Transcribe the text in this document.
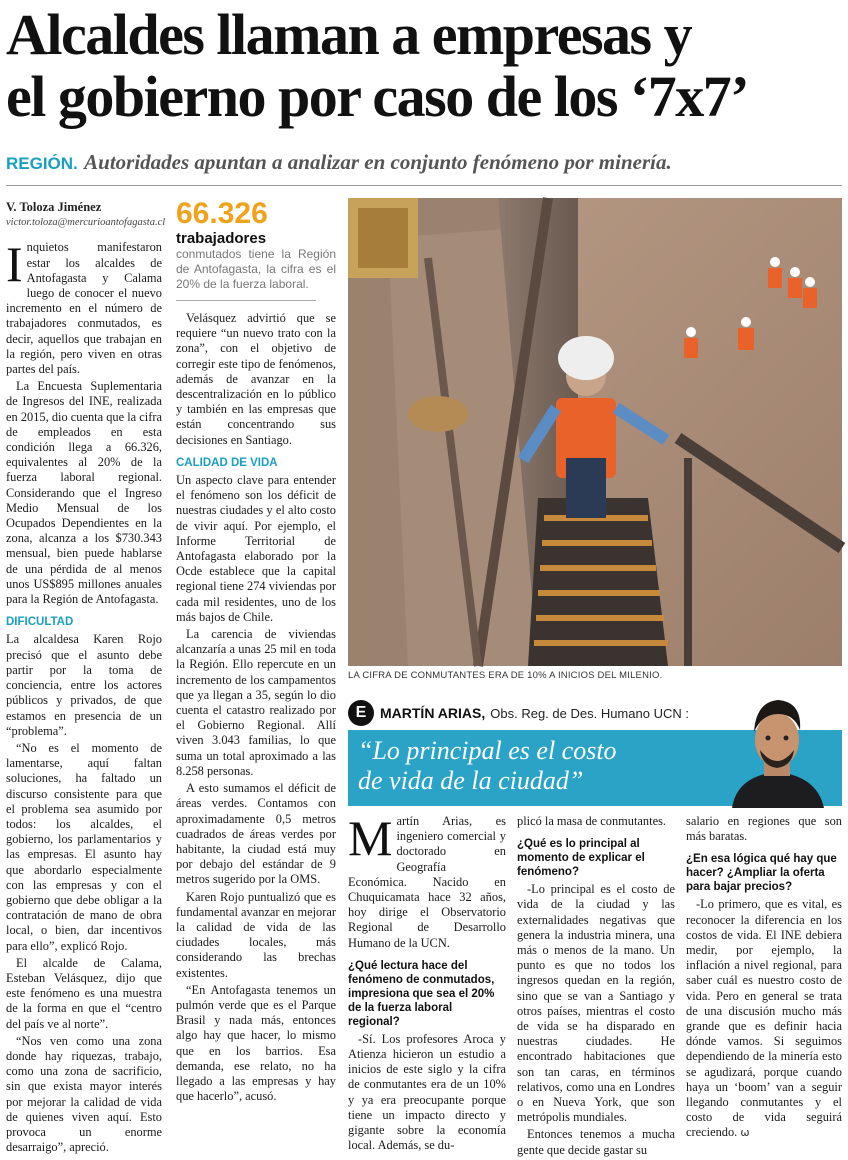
Alcaldes llaman a empresas y
el gobierno por caso de los ‘7x7’
REGIÓN. Autoridades apuntan a analizar en conjunto fenómeno por minería.
V. Toloza Jiménez
victor.toloza@mercurioantofagasta.cl

Inquietos manifestaron estar los alcaldes de Antofagasta y Calama luego de conocer el nuevo incremento en el número de trabajadores conmutados, es decir, aquellos que trabajan en la región, pero viven en otras partes del país.

La Encuesta Suplementaria de Ingresos del INE, realizada en 2015, dio cuenta que la cifra de empleados en esta condición llega a 66.326, equivalentes al 20% de la fuerza laboral regional. Considerando que el Ingreso Medio Mensual de los Ocupados Dependientes en la zona, alcanza a los $730.343 mensual, bien puede hablarse de una pérdida de al menos unos US$895 millones anuales para la Región de Antofagasta.

DIFICULTAD

La alcaldesa Karen Rojo precisó que el asunto debe partir por la toma de conciencia, entre los actores públicos y privados, de que estamos en presencia de un “problema”.

“No es el momento de lamentarse, aquí faltan soluciones, ha faltado un discurso consistente para que el problema sea asumido por todos: los alcaldes, el gobierno, los parlamentarios y las empresas. El asunto hay que abordarlo especialmente con las empresas y con el gobierno que debe obligar a la contratación de mano de obra local, o bien, dar incentivos para ello”, explicó Rojo.

El alcalde de Calama, Esteban Velásquez, dijo que este fenómeno es una muestra de la forma en que el “centro del país ve al norte”.

“Nos ven como una zona donde hay riquezas, trabajo, como una zona de sacrificio, sin que exista mayor interés por mejorar la calidad de vida de quienes viven aquí. Esto provoca un enorme desarraigo”, apreció.

66.326
trabajadores
conmutados tiene la Región de Antofagasta, la cifra es el 20% de la fuerza laboral.

Velásquez advirtió que se requiere “un nuevo trato con la zona”, con el objetivo de corregir este tipo de fenómenos, además de avanzar en la descentralización en lo público y también en las empresas que están concentrando sus decisiones en Santiago.

CALIDAD DE VIDA

Un aspecto clave para entender el fenómeno son los déficit de nuestras ciudades y el alto costo de vivir aquí. Por ejemplo, el Informe Territorial de Antofagasta elaborado por la Ocde establece que la capital regional tiene 274 viviendas por cada mil residentes, uno de los más bajos de Chile.

La carencia de viviendas alcanzaría a unas 25 mil en toda la Región. Ello repercute en un incremento de los campamentos que ya llegan a 35, según lo dio cuenta el catastro realizado por el Gobierno Regional. Allí viven 3.043 familias, lo que suma un total aproximado a las 8.258 personas.

A esto sumamos el déficit de áreas verdes. Contamos con aproximadamente 0,5 metros cuadrados de áreas verdes por habitante, la ciudad está muy por debajo del estándar de 9 metros sugerido por la OMS.

Karen Rojo puntualizó que es fundamental avanzar en mejorar la calidad de vida de las ciudades locales, más considerando las brechas existentes.

“En Antofagasta tenemos un pulmón verde que es el Parque Brasil y nada más, entonces algo hay que hacer, lo mismo que en los barrios. Esa demanda, ese relato, no ha llegado a las empresas y hay que hacerlo”, acusó.

LA CIFRA DE CONMUTANTES ERA DE 10% A INICIOS DEL MILENIO.
E MARTÍN ARIAS, Obs. Reg. de Des. Humano UCN :
“Lo principal es el costo
de vida de la ciudad”

Martín Arias, es ingeniero comercial y doctorado en Geografía Económica. Nacido en Chuquicamata hace 32 años, hoy dirige el Observatorio Regional de Desarrollo Humano de la UCN.

¿Qué lectura hace del fenómeno de conmutados, impresiona que sea el 20% de la fuerza laboral regional?

-Sí. Los profesores Aroca y Atienza hicieron un estudio a inicios de este siglo y la cifra de conmutantes era de un 10% y ya era preocupante porque tiene un impacto directo y gigante sobre la economía local. Además, se du-

plicó la masa de conmutantes.

¿Qué es lo principal al momento de explicar el fenómeno?

-Lo principal es el costo de vida de la ciudad y las externalidades negativas que genera la industria minera, una más o menos de la mano. Un punto es que no todos los ingresos quedan en la región, sino que se van a Santiago y otros países, mientras el costo de vida se ha disparado en nuestras ciudades. He encontrado habitaciones que son tan caras, en términos relativos, como una en Londres o en Nueva York, que son metrópolis mundiales.

Entonces tenemos a mucha gente que decide gastar su

salario en regiones que son más baratas.

¿En esa lógica qué hay que hacer? ¿Ampliar la oferta para bajar precios?

-Lo primero, que es vital, es reconocer la diferencia en los costos de vida. El INE debiera medir, por ejemplo, la inflación a nivel regional, para saber cuál es nuestro costo de vida. Pero en general se trata de una discusión mucho más grande que es definir hacia dónde vamos. Si seguimos dependiendo de la minería esto se agudizará, porque cuando haya un ‘boom’ van a seguir llegando conmutantes y el costo de vida seguirá creciendo. ω
